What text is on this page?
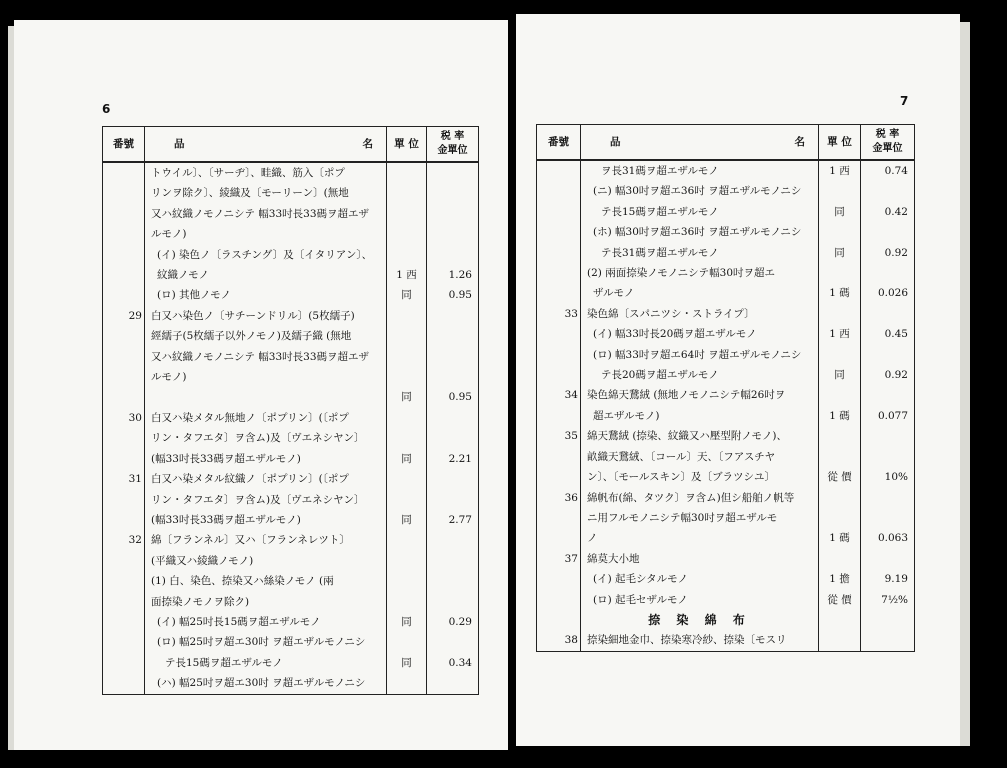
6
番號	品 名	單 位	税 率
金單位

	トウイル〕、〔サーヂ〕、畦織、筋入〔ポプ		
	リンヲ除ク〕、綾織及〔モーリーン〕(無地		
	又ハ紋織ノモノニシテ 幅33吋長33碼ヲ超エザ		
	ルモノ)		
	(イ) 染色ノ〔ラスチング〕及〔イタリアン〕、		
	紋織ノモノ	1 西	1.26
	(ロ) 其他ノモノ	同	0.95
29	白又ハ染色ノ〔サチーンドリル〕(5枚繻子)		
	經繻子(5枚繻子以外ノモノ)及繻子織 (無地		
	又ハ紋織ノモノニシテ 幅33吋長33碼ヲ超エザ		
	ルモノ)		
		同	0.95
30	白又ハ染メタル無地ノ〔ポプリン〕(〔ポプ		
	リン・タフエタ〕ヲ含ム)及〔ヴエネシヤン〕		
	(幅33吋長33碼ヲ超エザルモノ)	同	2.21
31	白又ハ染メタル紋織ノ〔ポプリン〕(〔ポプ		
	リン・タフエタ〕ヲ含ム)及〔ヴエネシヤン〕		
	(幅33吋長33碼ヲ超エザルモノ)	同	2.77
32	綿〔フランネル〕又ハ〔フランネレツト〕		
	(平織又ハ綾織ノモノ)		
	(1) 白、染色、捺染又ハ絲染ノモノ (兩		
	面捺染ノモノヲ除ク)		
	(イ) 幅25吋長15碼ヲ超エザルモノ	同	0.29
	(ロ) 幅25吋ヲ超エ30吋 ヲ超エザルモノニシ		
	テ長15碼ヲ超エザルモノ	同	0.34
	(ハ) 幅25吋ヲ超エ30吋 ヲ超エザルモノニシ		
7
番號	品 名	單 位	税 率
金單位

	ヲ長31碼ヲ超エザルモノ	1 西	0.74
	(ニ) 幅30吋ヲ超エ36吋 ヲ超エザルモノニシ		
	テ長15碼ヲ超エザルモノ	同	0.42
	(ホ) 幅30吋ヲ超エ36吋 ヲ超エザルモノニシ		
	テ長31碼ヲ超エザルモノ	同	0.92
	(2) 兩面捺染ノモノニシテ幅30吋ヲ超エ		
	ザルモノ	1 碼	0.026
33	染色綿〔スパニツシ・ストライプ〕		
	(イ) 幅33吋長20碼ヲ超エザルモノ	1 西	0.45
	(ロ) 幅33吋ヲ超エ64吋 ヲ超エザルモノニシ		
	テ長20碼ヲ超エザルモノ	同	0.92
34	染色綿天鵞絨 (無地ノモノニシテ幅26吋ヲ		
	超エザルモノ)	1 碼	0.077
35	綿天鵞絨 (捺染、紋織又ハ壓型附ノモノ)、		
	畝織天鵞絨、〔コール〕天、〔フアスチヤ		
	ン〕、〔モールスキン〕及〔ブラツシユ〕	從 價	10%
36	綿帆布(綿、タツク〕ヲ含ム)但シ船舶ノ帆等		
	ニ用フルモノニシテ幅30吋ヲ超エザルモ		
	ノ	1 碼	0.063
37	綿莫大小地		
	(イ) 起毛シタルモノ	1 擔	9.19
	(ロ) 起毛セザルモノ	從 價	7½%

	捺 染 綿 布		
38	捺染細地金巾、捺染寒冷紗、捺染〔モスリ		
